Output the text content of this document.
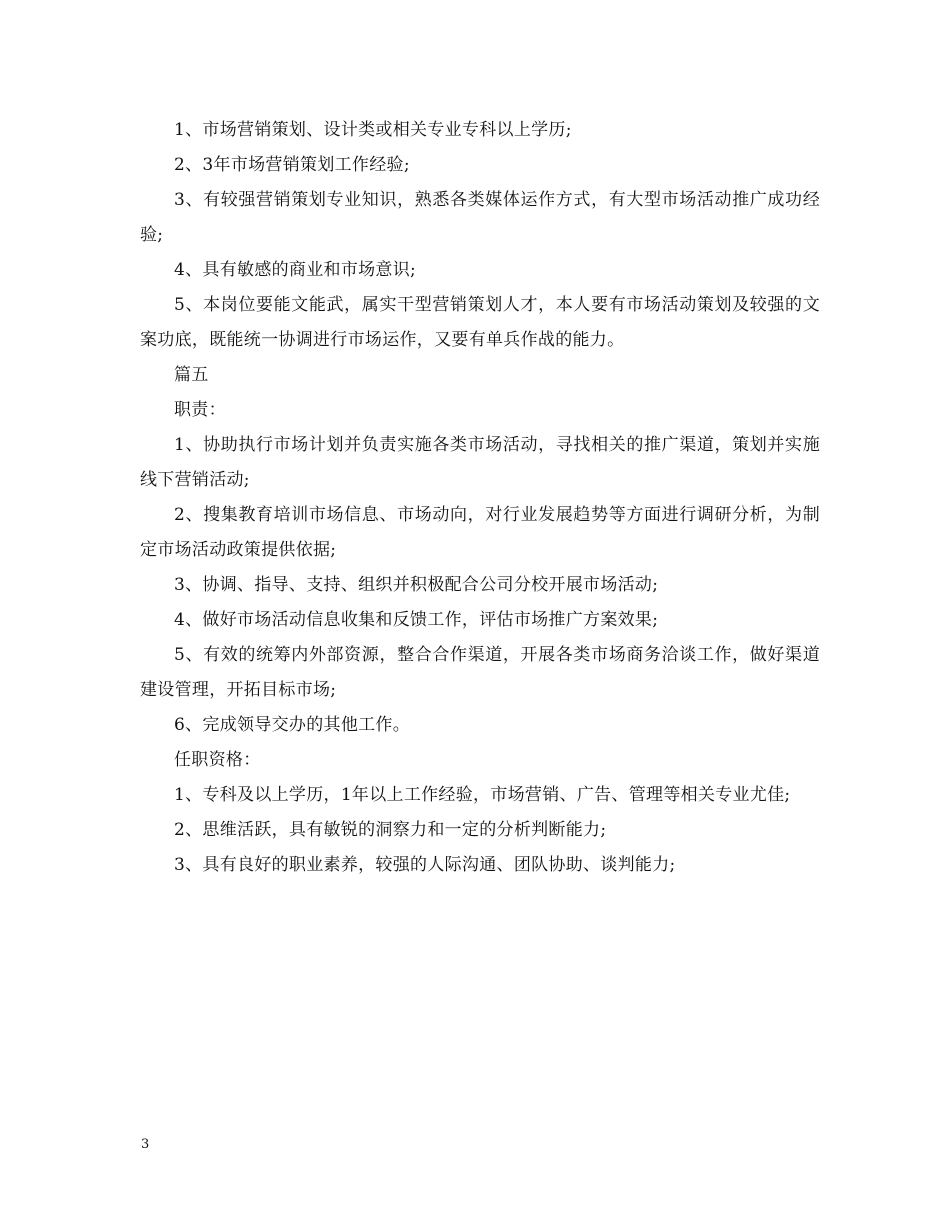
1、市场营销策划、设计类或相关专业专科以上学历;

2、3年市场营销策划工作经验;

3、有较强营销策划专业知识，熟悉各类媒体运作方式，有大型市场活动推广成功经验;

4、具有敏感的商业和市场意识;

5、本岗位要能文能武，属实干型营销策划人才，本人要有市场活动策划及较强的文案功底，既能统一协调进行市场运作，又要有单兵作战的能力。

篇五

职责：

1、协助执行市场计划并负责实施各类市场活动，寻找相关的推广渠道，策划并实施线下营销活动;

2、搜集教育培训市场信息、市场动向，对行业发展趋势等方面进行调研分析，为制定市场活动政策提供依据;

3、协调、指导、支持、组织并积极配合公司分校开展市场活动;

4、做好市场活动信息收集和反馈工作，评估市场推广方案效果;

5、有效的统筹内外部资源，整合合作渠道，开展各类市场商务洽谈工作，做好渠道建设管理，开拓目标市场;

6、完成领导交办的其他工作。

任职资格：

1、专科及以上学历，1年以上工作经验，市场营销、广告、管理等相关专业尤佳;

2、思维活跃，具有敏锐的洞察力和一定的分析判断能力;

3、具有良好的职业素养，较强的人际沟通、团队协助、谈判能力;

3
